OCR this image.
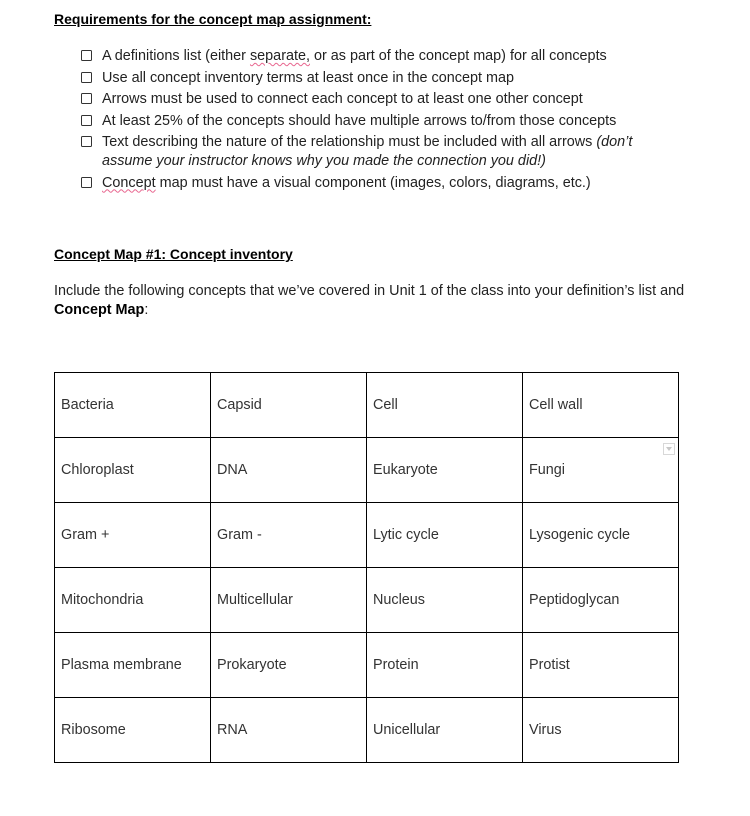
Requirements for the concept map assignment:
A definitions list (either separate, or as part of the concept map) for all concepts
Use all concept inventory terms at least once in the concept map
Arrows must be used to connect each concept to at least one other concept
At least 25% of the concepts should have multiple arrows to/from those concepts
Text describing the nature of the relationship must be included with all arrows (don’t assume your instructor knows why you made the connection you did!)
Concept map must have a visual component (images, colors, diagrams, etc.)
Concept Map #1: Concept inventory
Include the following concepts that we’ve covered in Unit 1 of the class into your definition’s list and Concept Map:
Bacteria	Capsid	Cell	Cell wall
Chloroplast	DNA	Eukaryote	Fungi
Gram +	Gram -	Lytic cycle	Lysogenic cycle
Mitochondria	Multicellular	Nucleus	Peptidoglycan
Plasma membrane	Prokaryote	Protein	Protist
Ribosome	RNA	Unicellular	Virus
